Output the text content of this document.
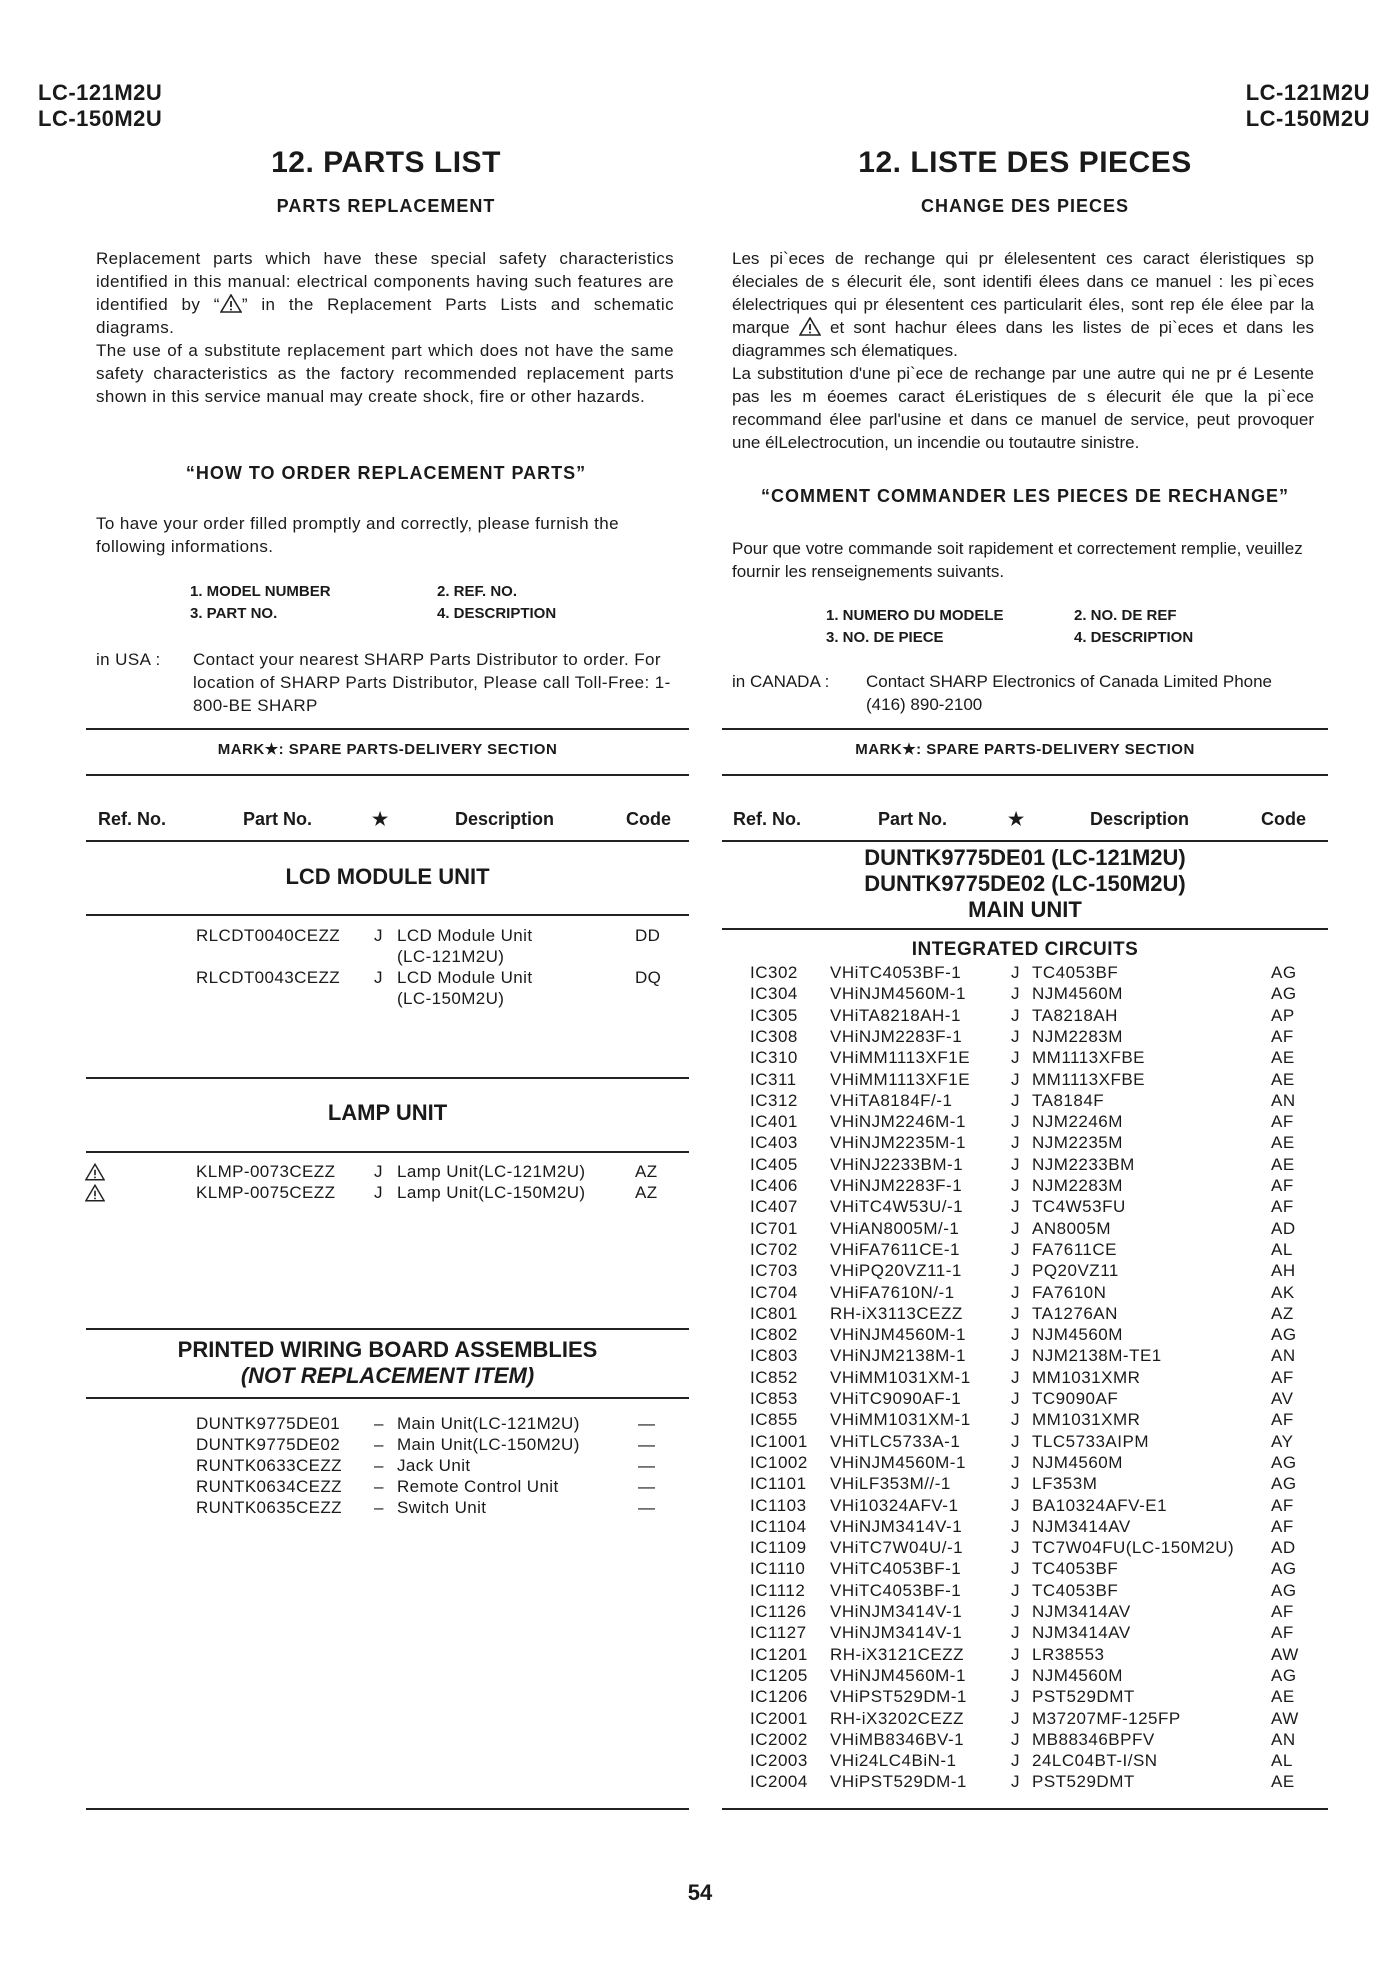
LC-121M2U
LC-150M2U
LC-121M2U
LC-150M2U
12. PARTS LIST
PARTS REPLACEMENT

Replacement parts which have these special safety characteristics identified in this manual: electrical components having such features are identified by “ ” in the Replacement Parts Lists and schematic diagrams.

The use of a substitute replacement part which does not have the same safety characteristics as the factory recommended replacement parts shown in this service manual may create shock, fire or other hazards.

“HOW TO ORDER REPLACEMENT PARTS”
To have your order filled promptly and correctly, please furnish the following informations.
1. MODEL NUMBER	2. REF. NO.
3. PART NO.	4. DESCRIPTION
in USA : Contact your nearest SHARP Parts Distributor to order. For location of SHARP Parts Distributor, Please call Toll-Free: 1-800-BE SHARP
MARK★: SPARE PARTS-DELIVERY SECTION
Ref. No.	Part No.	★	Description	Code
LCD MODULE UNIT
RLCDT0040CEZZ J LCD Module Unit
(LC-121M2U)
DD
RLCDT0043CEZZ J LCD Module Unit
(LC-150M2U)
DQ
LAMP UNIT
KLMP-0073CEZZ J Lamp Unit(LC-121M2U)	AZ
KLMP-0075CEZZ J Lamp Unit(LC-150M2U)	AZ
PRINTED WIRING BOARD ASSEMBLIES
(NOT REPLACEMENT ITEM)
DUNTK9775DE01 – Main Unit(LC-121M2U)	—
DUNTK9775DE02 – Main Unit(LC-150M2U)	—
RUNTK0633CEZZ – Jack Unit	—
RUNTK0634CEZZ – Remote Control Unit	—
RUNTK0635CEZZ – Switch Unit	—
12. LISTE DES PIECES
CHANGE DES PIECES

Les pi`eces de rechange qui pr élelesentent ces caract éleristiques sp éleciales de s élecurit éle, sont identifi élees dans ce manuel : les pi`eces élelectriques qui pr élesentent ces particularit éles, sont rep éle élee par la marque  et sont hachur élees dans les listes de pi`eces et dans les diagrammes sch élematiques.

La substitution d'une pi`ece de rechange par une autre qui ne pr é Lesente pas les m éoemes caract éLeristiques de s élecurit éle que la pi`ece recommand élee parl'usine et dans ce manuel de service, peut provoquer une élLelectrocution, un incendie ou toutautre sinistre.

“COMMENT COMMANDER LES PIECES DE RECHANGE”
Pour que votre commande soit rapidement et correctement remplie, veuillez fournir les renseignements suivants.
1. NUMERO DU MODELE	2. NO. DE REF
3. NO. DE PIECE	4. DESCRIPTION
in CANADA : Contact SHARP Electronics of Canada Limited Phone (416) 890-2100
MARK★: SPARE PARTS-DELIVERY SECTION
Ref. No.	Part No.	★	Description	Code
DUNTK9775DE01 (LC-121M2U)
DUNTK9775DE02 (LC-150M2U)
MAIN UNIT
INTEGRATED CIRCUITS
IC302 VHiTC4053BF-1	J TC4053BF	AG
IC304 VHiNJM4560M-1	J NJM4560M	AG
IC305 VHiTA8218AH-1	J TA8218AH	AP
IC308 VHiNJM2283F-1	J NJM2283M	AF
IC310 VHiMM1113XF1E J MM1113XFBE	AE
IC311 VHiMM1113XF1E J MM1113XFBE	AE
IC312 VHiTA8184F/-1	J TA8184F	AN
IC401 VHiNJM2246M-1	J NJM2246M	AF
IC403 VHiNJM2235M-1	J NJM2235M	AE
IC405 VHiNJ2233BM-1	J NJM2233BM	AE
IC406 VHiNJM2283F-1	J NJM2283M	AF
IC407 VHiTC4W53U/-1	J TC4W53FU	AF
IC701 VHiAN8005M/-1	J AN8005M	AD
IC702 VHiFA7611CE-1	J FA7611CE	AL
IC703 VHiPQ20VZ11-1	J PQ20VZ11	AH
IC704 VHiFA7610N/-1	J FA7610N	AK
IC801 RH-iX3113CEZZ	J TA1276AN	AZ
IC802 VHiNJM4560M-1	J NJM4560M	AG
IC803 VHiNJM2138M-1	J NJM2138M-TE1	AN
IC852 VHiMM1031XM-1 J MM1031XMR	AF
IC853 VHiTC9090AF-1	J TC9090AF	AV
IC855 VHiMM1031XM-1 J MM1031XMR	AF
IC1001 VHiTLC5733A-1	J TLC5733AIPM	AY
IC1002 VHiNJM4560M-1	J NJM4560M	AG
IC1101 VHiLF353M//-1	J LF353M	AG
IC1103 VHi10324AFV-1	J BA10324AFV-E1	AF
IC1104 VHiNJM3414V-1	J NJM3414AV	AF
IC1109 VHiTC7W04U/-1	J TC7W04FU(LC-150M2U) AD
IC1110 VHiTC4053BF-1	J TC4053BF	AG
IC1112 VHiTC4053BF-1	J TC4053BF	AG
IC1126 VHiNJM3414V-1	J NJM3414AV	AF
IC1127 VHiNJM3414V-1	J NJM3414AV	AF
IC1201 RH-iX3121CEZZ	J LR38553	AW
IC1205 VHiNJM4560M-1	J NJM4560M	AG
IC1206 VHiPST529DM-1	J PST529DMT	AE
IC2001 RH-iX3202CEZZ	J M37207MF-125FP	AW
IC2002 VHiMB8346BV-1	J MB88346BPFV	AN
IC2003 VHi24LC4BiN-1	J 24LC04BT-I/SN	AL
IC2004 VHiPST529DM-1	J PST529DMT	AE
54
